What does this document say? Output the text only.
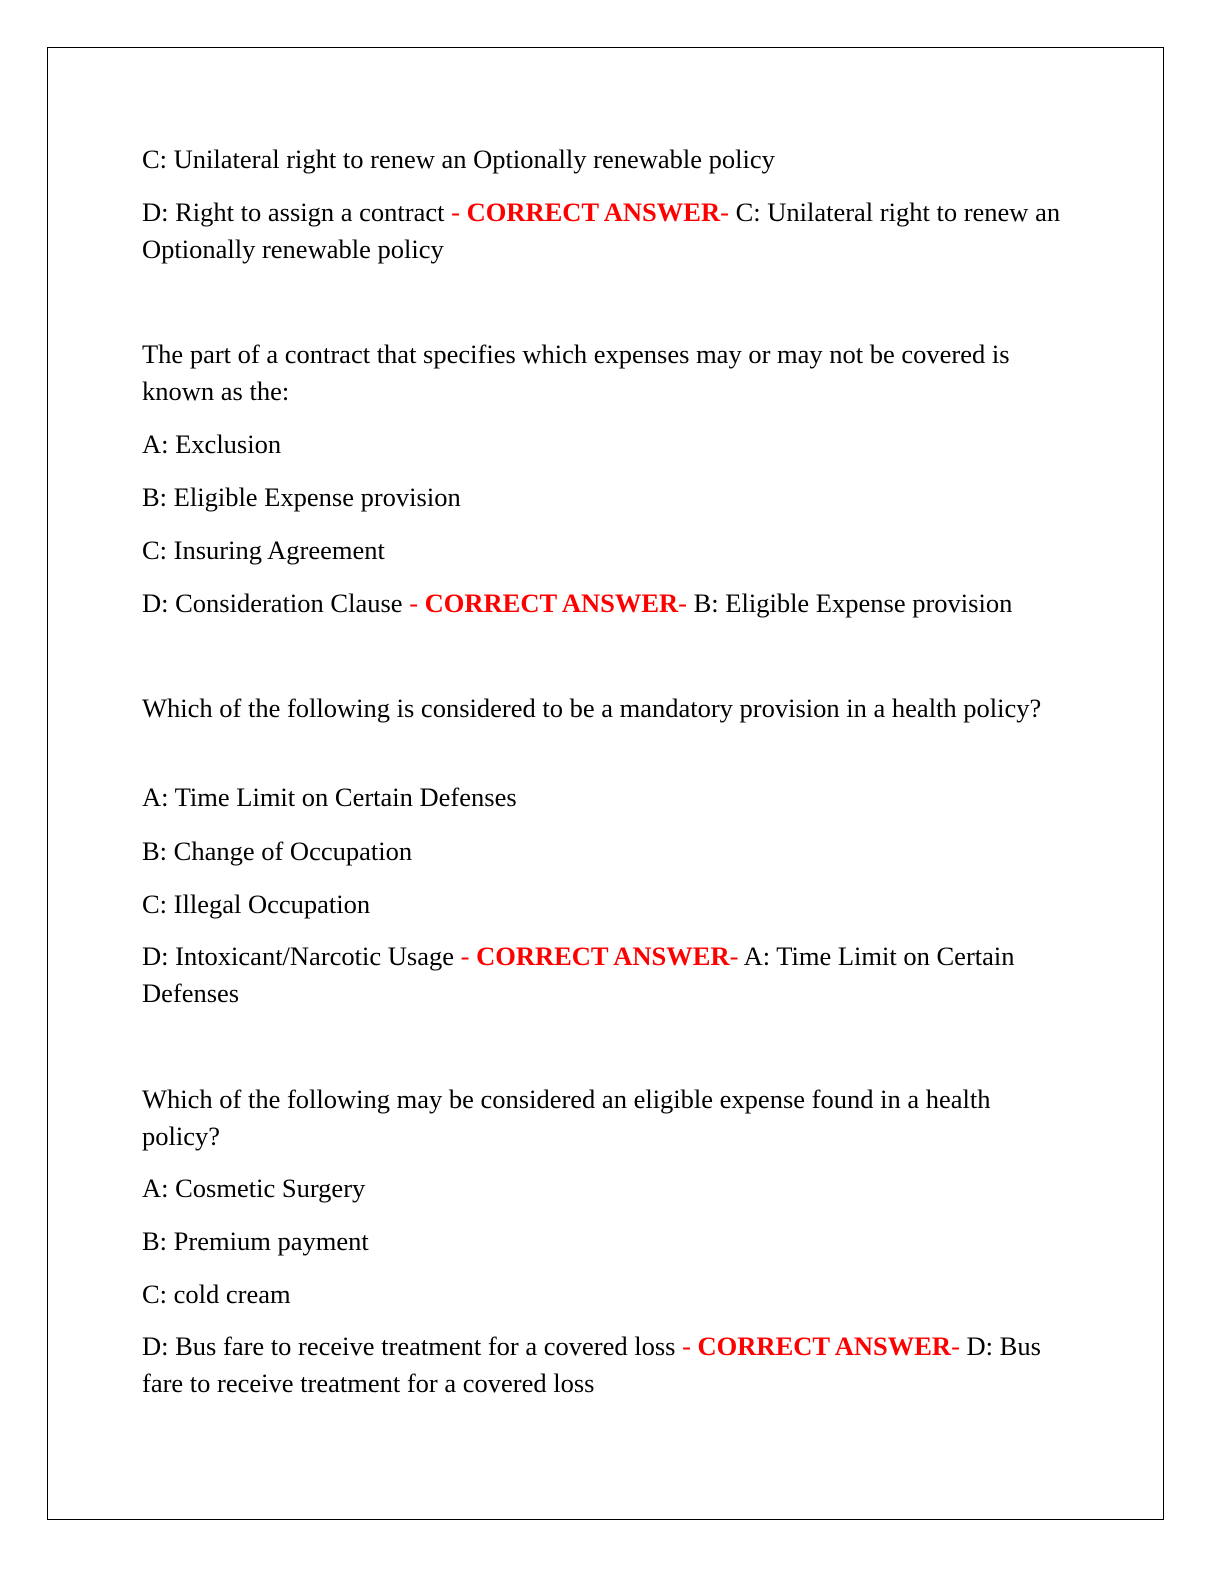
C: Unilateral right to renew an Optionally renewable policy

D: Right to assign a contract - CORRECT ANSWER- C: Unilateral right to renew an Optionally renewable policy

The part of a contract that specifies which expenses may or may not be covered is known as the:

A: Exclusion

B: Eligible Expense provision

C: Insuring Agreement

D: Consideration Clause - CORRECT ANSWER- B: Eligible Expense provision

Which of the following is considered to be a mandatory provision in a health policy?

A: Time Limit on Certain Defenses

B: Change of Occupation

C: Illegal Occupation

D: Intoxicant/Narcotic Usage - CORRECT ANSWER- A: Time Limit on Certain Defenses

Which of the following may be considered an eligible expense found in a health policy?

A: Cosmetic Surgery

B: Premium payment

C: cold cream

D: Bus fare to receive treatment for a covered loss - CORRECT ANSWER- D: Bus fare to receive treatment for a covered loss
